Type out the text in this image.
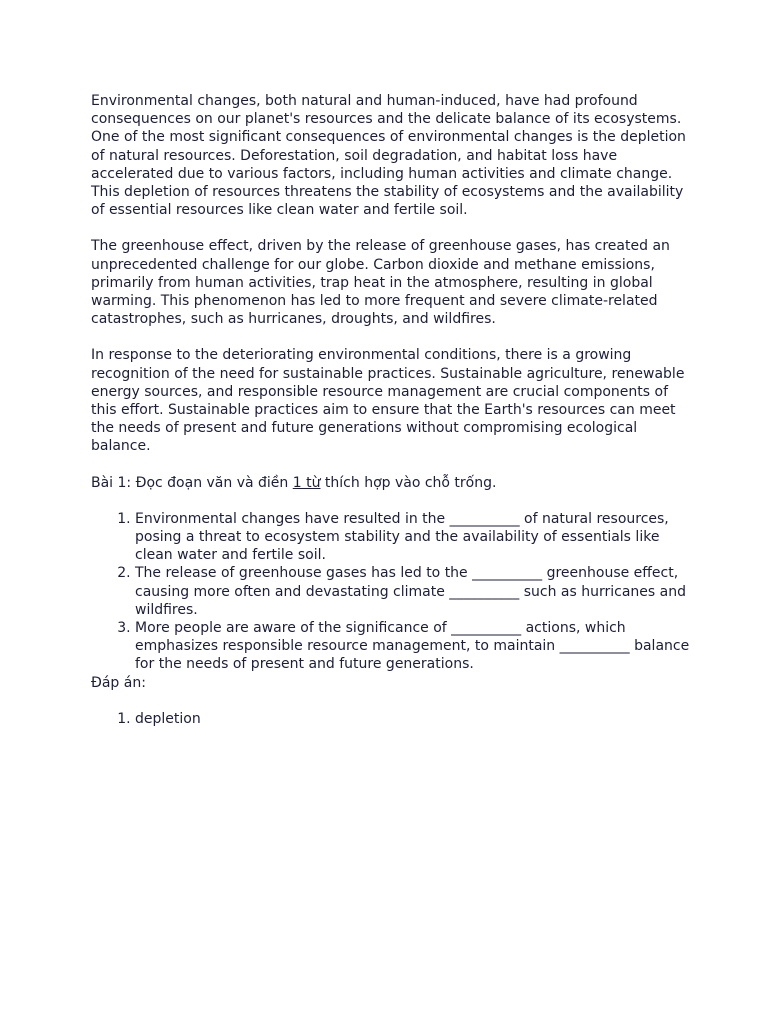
Environmental changes, both natural and human-induced, have had profound consequences on our planet's resources and the delicate balance of its ecosystems. One of the most significant consequences of environmental changes is the depletion of natural resources. Deforestation, soil degradation, and habitat loss have accelerated due to various factors, including human activities and climate change. This depletion of resources threatens the stability of ecosystems and the availability of essential resources like clean water and fertile soil.

The greenhouse effect, driven by the release of greenhouse gases, has created an unprecedented challenge for our globe. Carbon dioxide and methane emissions, primarily from human activities, trap heat in the atmosphere, resulting in global warming. This phenomenon has led to more frequent and severe climate-related catastrophes, such as hurricanes, droughts, and wildfires.

In response to the deteriorating environmental conditions, there is a growing recognition of the need for sustainable practices. Sustainable agriculture, renewable energy sources, and responsible resource management are crucial components of this effort. Sustainable practices aim to ensure that the Earth's resources can meet the needs of present and future generations without compromising ecological balance.

Bài 1: Đọc đoạn văn và điền 1 từ thích hợp vào chỗ trống.
1. Environmental changes have resulted in the __________ of natural resources, posing a threat to ecosystem stability and the availability of essentials like clean water and fertile soil.
2. The release of greenhouse gases has led to the __________ greenhouse effect, causing more often and devastating climate __________ such as hurricanes and wildfires.
3. More people are aware of the significance of __________ actions, which emphasizes responsible resource management, to maintain __________ balance for the needs of present and future generations.
Đáp án:
1. depletion
